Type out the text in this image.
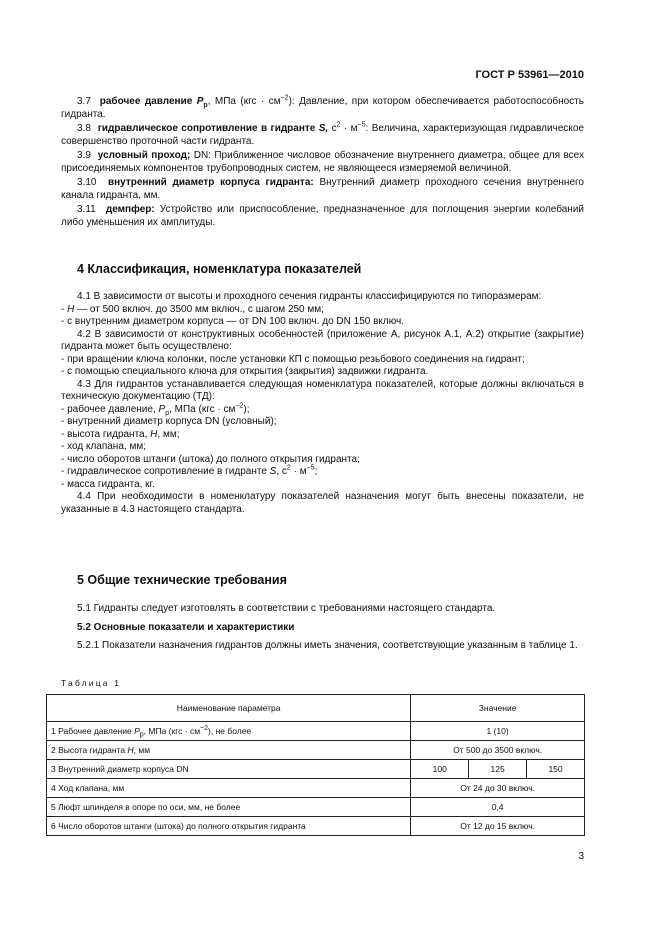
ГОСТ Р 53961—2010

3.7 рабочее давление $P_р$, МПа $(кгс \cdot см^{-2})$: Давление, при котором обеспечивается работоспособность гидранта.

3.8 гидравлическое сопротивление в гидранте S, $с^2 \cdot м^{-5}$: Величина, характеризующая гидравлическое совершенство проточной части гидранта.

3.9 условный проход; DN: Приближенное числовое обозначение внутреннего диаметра, общее для всех присоединяемых компонентов трубопроводных систем, не являющееся измеряемой величиной.

3.10 внутренний диаметр корпуса гидранта: Внутренний диаметр проходного сечения внутреннего канала гидранта, мм.

3.11 демпфер: Устройство или приспособление, предназначенное для поглощения энергии колебаний либо уменьшения их амплитуды.

4 Классификация, номенклатура показателей

4.1 В зависимости от высоты и проходного сечения гидранты классифицируются по типоразмерам:

- H — от 500 включ. до 3500 мм включ., с шагом 250 мм;

- с внутренним диаметром корпуса — от DN 100 включ. до DN 150 включ.

4.2 В зависимости от конструктивных особенностей (приложение А, рисунок А.1, А.2) открытие (закрытие) гидранта может быть осуществлено:

- при вращении ключа колонки, после установки КП с помощью резьбового соединения на гидрант;

- с помощью специального ключа для открытия (закрытия) задвижки гидранта.

4.3 Для гидрантов устанавливается следующая номенклатура показателей, которые должны включаться в техническую документацию (ТД):

- рабочее давление, $P_р$, МПа $(кгс \cdot см^{-2})$;

- внутренний диаметр корпуса DN (условный);

- высота гидранта, H, мм;

- ход клапана, мм;

- число оборотов штанги (штока) до полного открытия гидранта;

- гидравлическое сопротивление в гидранте S, $с^2 \cdot м^{-5}$;

- масса гидранта, кг.

4.4 При необходимости в номенклатуру показателей назначения могут быть внесены показатели, не указанные в 4.3 настоящего стандарта.

5 Общие технические требования

5.1 Гидранты следует изготовлять в соответствии с требованиями настоящего стандарта.

5.2 Основные показатели и характеристики

5.2.1 Показатели назначения гидрантов должны иметь значения, соответствующие указанным в таблице 1.

Таблица 1
Наименование параметра	Значение		
1 Рабочее давление $P_р$, МПа $(кгс \cdot см^{-2})$, не более	1 (10)		
2 Высота гидранта H, мм	От 500 до 3500 включ.		
3 Внутренний диаметр корпуса DN	100	125	150
4 Ход клапана, мм	От 24 до 30 включ.		
5 Люфт шпинделя в опоре по оси, мм, не более	0,4		
6 Число оборотов штанги (штока) до полного открытия гидранта	От 12 до 15 включ.		
3
